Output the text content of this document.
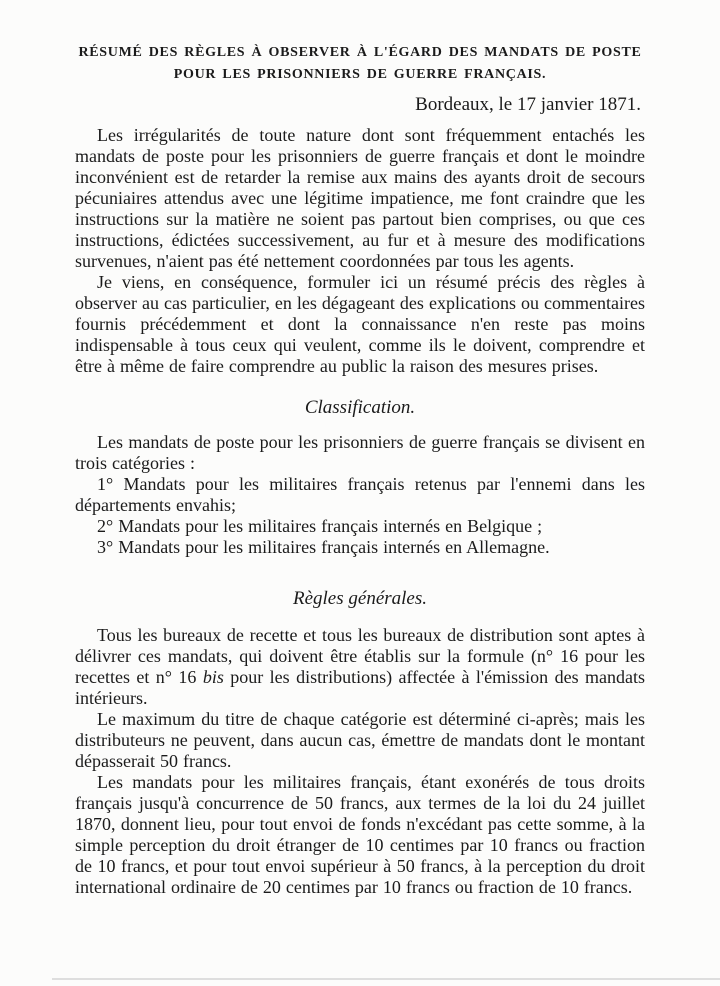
RÉSUMÉ DES RÈGLES À OBSERVER À L'ÉGARD DES MANDATS DE POSTE
POUR LES PRISONNIERS DE GUERRE FRANÇAIS.
Bordeaux, le 17 janvier 1871.

Les irrégularités de toute nature dont sont fréquemment entachés les mandats de poste pour les prisonniers de guerre français et dont le moindre inconvénient est de retarder la remise aux mains des ayants droit de secours pécuniaires attendus avec une légitime impatience, me font craindre que les instructions sur la matière ne soient pas partout bien comprises, ou que ces instructions, édictées successivement, au fur et à mesure des modifications survenues, n'aient pas été nettement coordonnées par tous les agents.

Je viens, en conséquence, formuler ici un résumé précis des règles à observer au cas particulier, en les dégageant des explications ou commentaires fournis précédemment et dont la connaissance n'en reste pas moins indispensable à tous ceux qui veulent, comme ils le doivent, comprendre et être à même de faire comprendre au public la raison des mesures prises.

Classification.

Les mandats de poste pour les prisonniers de guerre français se divisent en trois catégories :

1° Mandats pour les militaires français retenus par l'ennemi dans les départements envahis;

2° Mandats pour les militaires français internés en Belgique ;

3° Mandats pour les militaires français internés en Allemagne.

Règles générales.

Tous les bureaux de recette et tous les bureaux de distribution sont aptes à délivrer ces mandats, qui doivent être établis sur la formule (n° 16 pour les recettes et n° 16 bis pour les distributions) affectée à l'émission des mandats intérieurs.

Le maximum du titre de chaque catégorie est déterminé ci-après; mais les distributeurs ne peuvent, dans aucun cas, émettre de mandats dont le montant dépasserait 50 francs.

Les mandats pour les militaires français, étant exonérés de tous droits français jusqu'à concurrence de 50 francs, aux termes de la loi du 24 juillet 1870, donnent lieu, pour tout envoi de fonds n'excédant pas cette somme, à la simple perception du droit étranger de 10 centimes par 10 francs ou fraction de 10 francs, et pour tout envoi supérieur à 50 francs, à la perception du droit international ordinaire de 20 centimes par 10 francs ou fraction de 10 francs.
